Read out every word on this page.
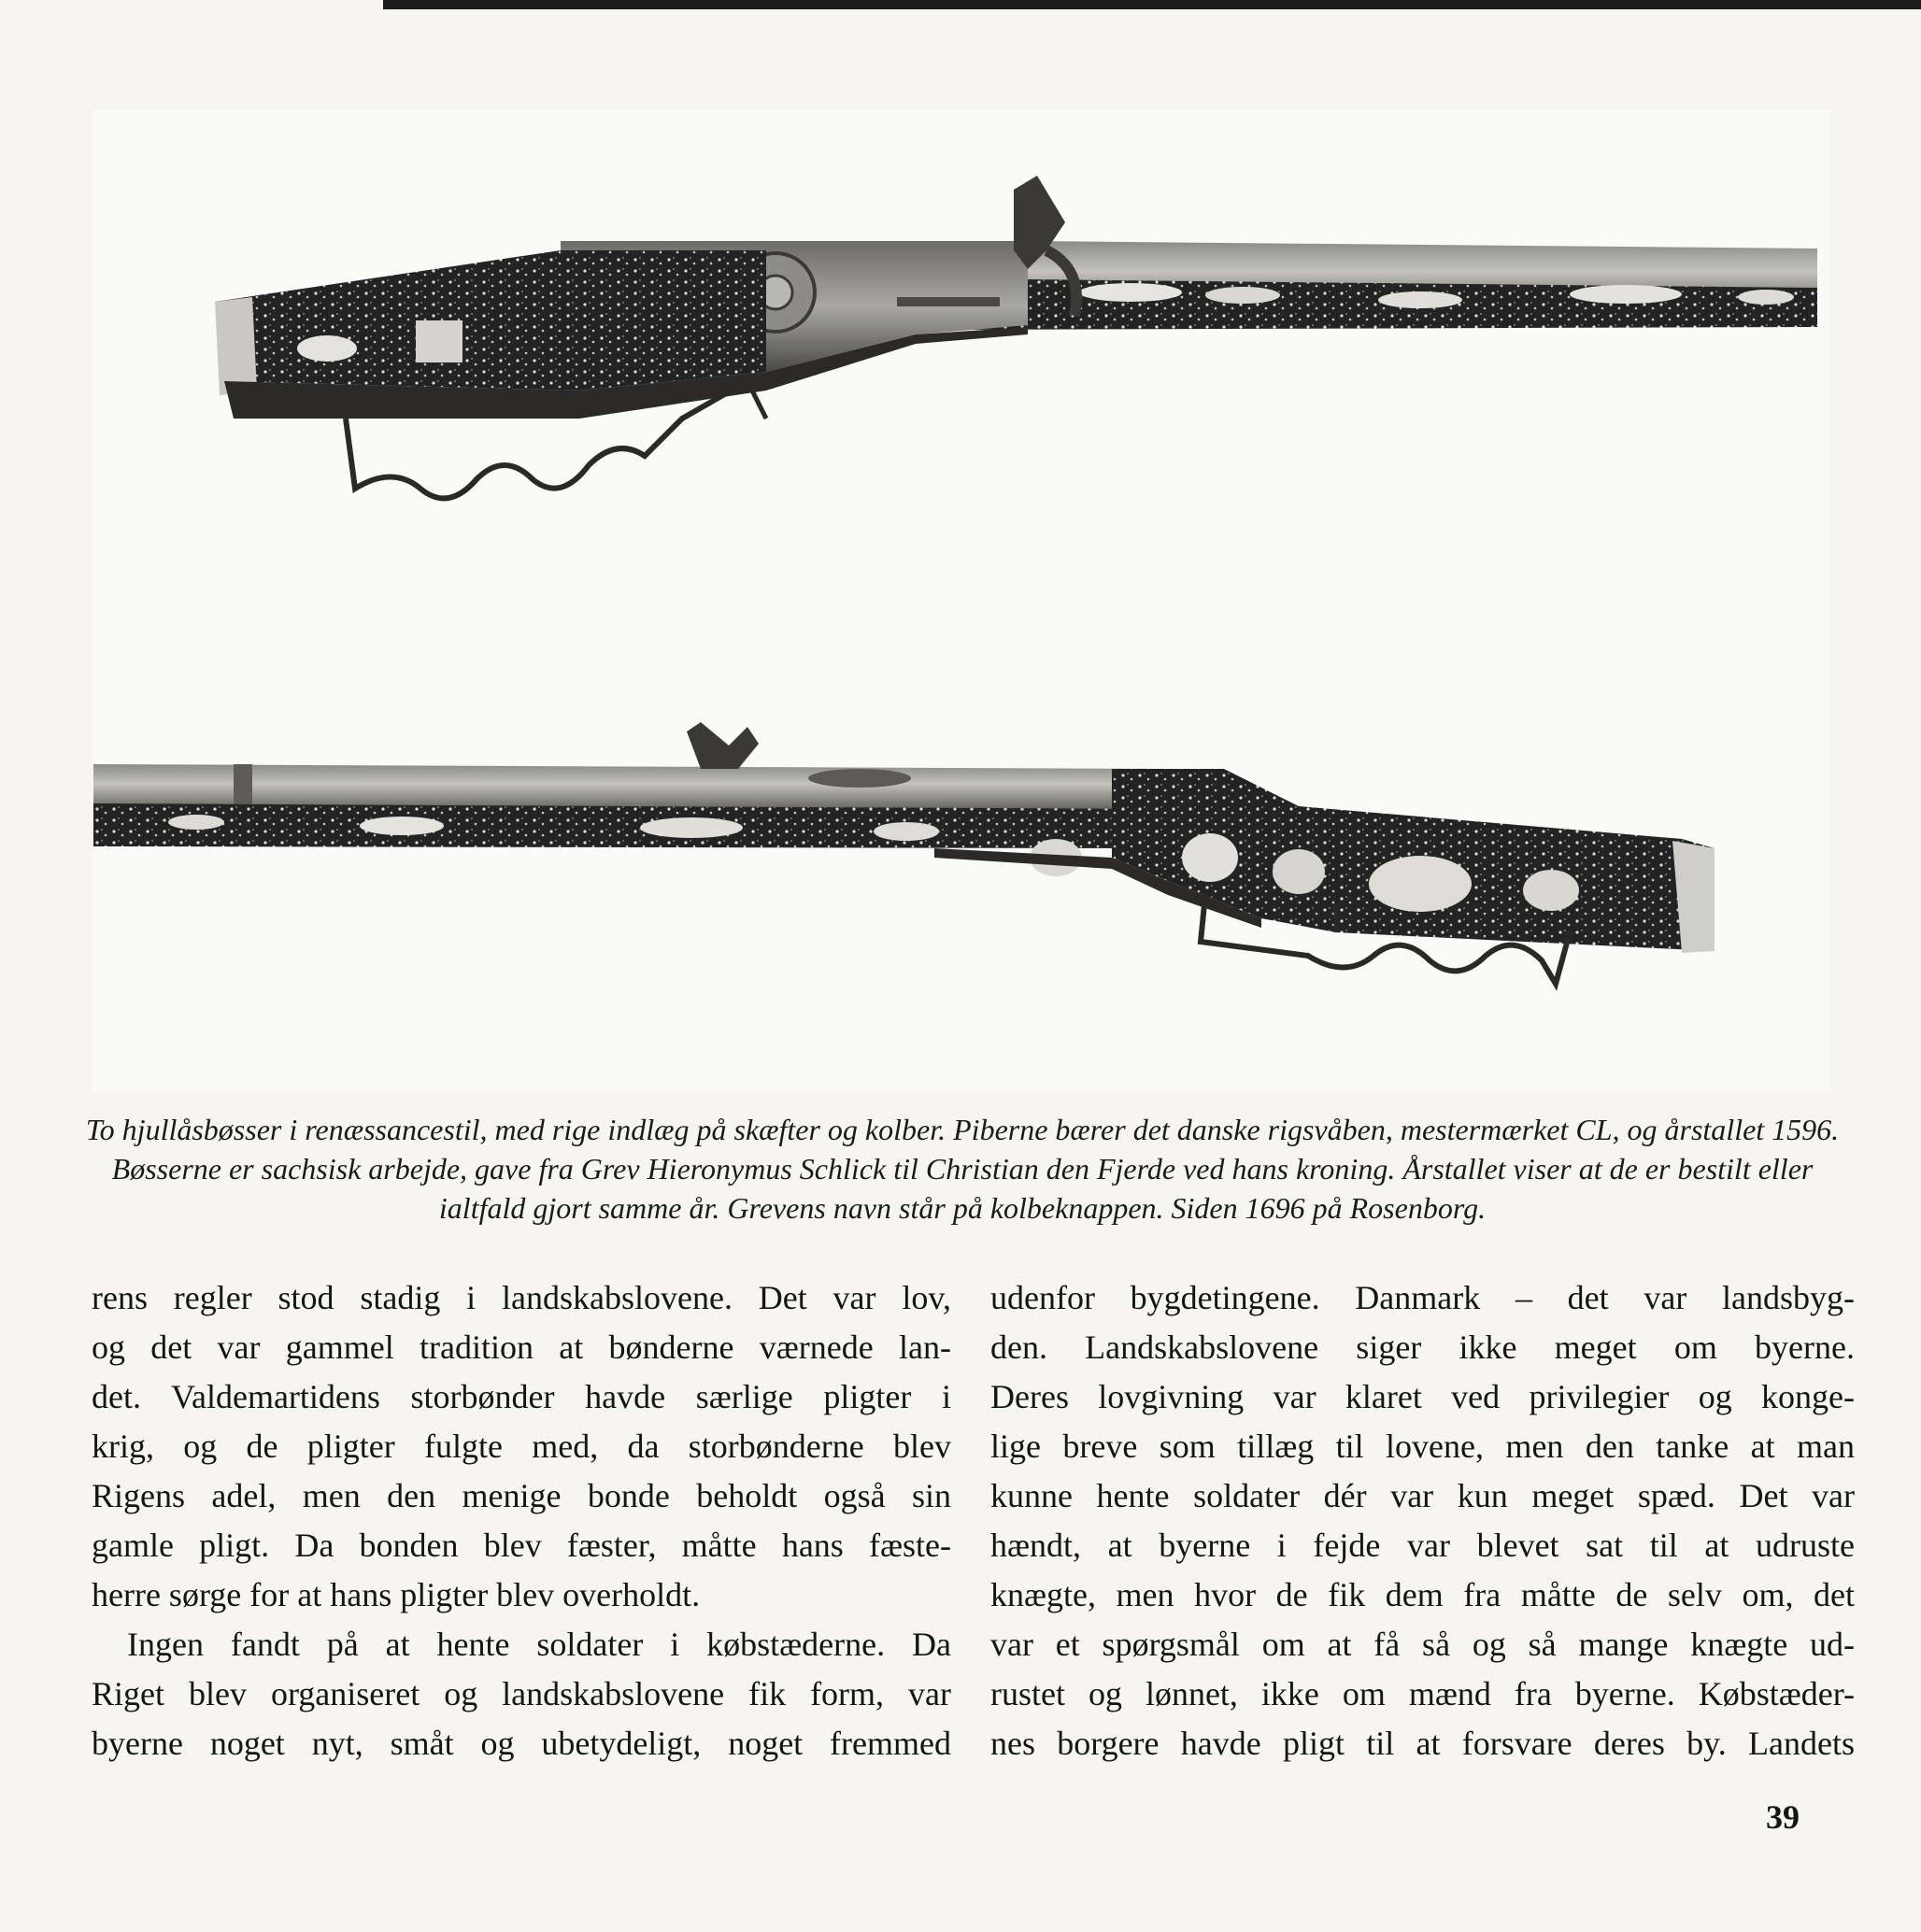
To hjullåsbøsser i renæssancestil, med rige indlæg på skæfter og kolber. Piberne bærer det danske rigsvåben, mestermærket CL, og årstallet 1596.
Bøsserne er sachsisk arbejde, gave fra Grev Hieronymus Schlick til Christian den Fjerde ved hans kroning. Årstallet viser at de er bestilt eller
ialtfald gjort samme år. Grevens navn står på kolbeknappen. Siden 1696 på Rosenborg.

rens regler stod stadig i landskabslovene. Det var lov,
og det var gammel tradition at bønderne værnede lan-
det. Valdemartidens storbønder havde særlige pligter i
krig, og de pligter fulgte med, da storbønderne blev
Rigens adel, men den menige bonde beholdt også sin
gamle pligt. Da bonden blev fæster, måtte hans fæste-
herre sørge for at hans pligter blev overholdt.
Ingen fandt på at hente soldater i købstæderne. Da
Riget blev organiseret og landskabslovene fik form, var
byerne noget nyt, småt og ubetydeligt, noget fremmed
udenfor bygdetingene. Danmark – det var landsbyg-
den. Landskabslovene siger ikke meget om byerne.
Deres lovgivning var klaret ved privilegier og konge-
lige breve som tillæg til lovene, men den tanke at man
kunne hente soldater dér var kun meget spæd. Det var
hændt, at byerne i fejde var blevet sat til at udruste
knægte, men hvor de fik dem fra måtte de selv om, det
var et spørgsmål om at få så og så mange knægte ud-
rustet og lønnet, ikke om mænd fra byerne. Købstæder-
nes borgere havde pligt til at forsvare deres by. Landets
39
